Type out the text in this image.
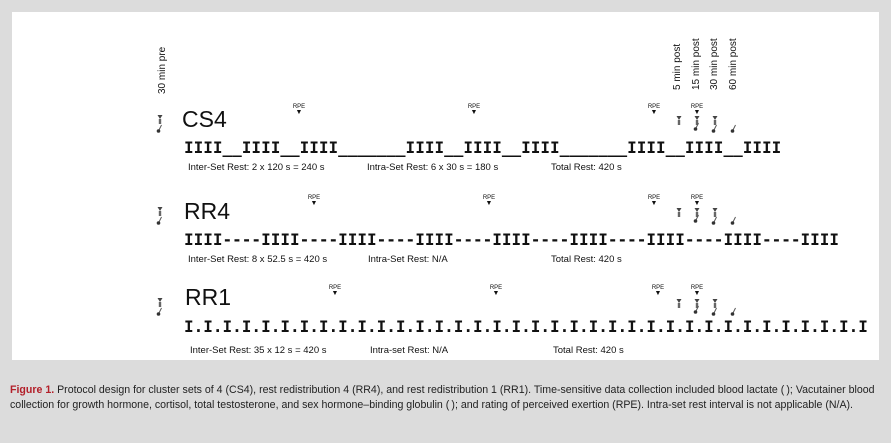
30 min pre	5 min post 15 min post 30 min post 60 min post
CS4
IIII__IIII__IIII_______IIII__IIII__IIII_______IIII__IIII__IIII
Inter-Set Rest: 2 x 120 s = 240 s	Intra-Set Rest: 6 x 30 s = 180 s	Total Rest: 420 s
RR4
IIII----IIII----IIII----IIII----IIII----IIII----IIII----IIII----IIII
Inter-Set Rest: 8 x 52.5 s = 420 s	Intra-Set Rest: N/A	Total Rest: 420 s
RR1
I.I.I.I.I.I.I.I.I.I.I.I.I.I.I.I.I.I.I.I.I.I.I.I.I.I.I.I.I.I.I.I.I.I.I.I
Inter-Set Rest: 35 x 12 s = 420 s	Intra-set Rest: N/A	Total Rest: 420 s
RPE
▼
RPE
▼
RPE
▼
RPE
▼
RPE
▼
RPE
▼
RPE
▼
RPE
▼
RPE
▼
RPE
▼
RPE
▼
RPE
▼
Figure 1. Protocol design for cluster sets of 4 (CS4), rest redistribution 4 (RR4), and rest redistribution 1 (RR1). Time-sensitive data collection included blood lactate ( ); Vacutainer blood collection for growth hormone, cortisol, total testosterone, and sex hormone–binding globulin ( ); and rating of perceived exertion (RPE). Intra-set rest interval is not applicable (N/A).
